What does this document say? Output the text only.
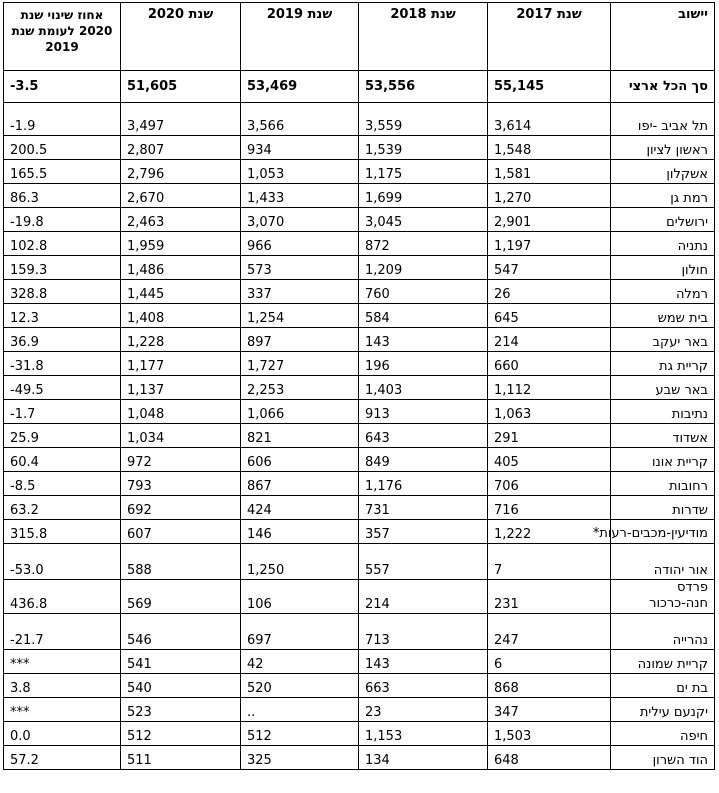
יישוב	שנת 2017	שנת 2018	שנת 2019	שנת 2020	אחוז שינוי שנת 2020 לעומת שנת 2019
סך הכל ארצי	55,145	53,556	53,469	51,605	-3.5
תל אביב -יפו	3,614	3,559	3,566	3,497	-1.9
ראשון לציון	1,548	1,539	934	2,807	200.5
אשקלון	1,581	1,175	1,053	2,796	165.5
רמת גן	1,270	1,699	1,433	2,670	86.3
ירושלים	2,901	3,045	3,070	2,463	-19.8
נתניה	1,197	872	966	1,959	102.8
חולון	547	1,209	573	1,486	159.3
רמלה	26	760	337	1,445	328.8
בית שמש	645	584	1,254	1,408	12.3
באר יעקב	214	143	897	1,228	36.9
קריית גת	660	196	1,727	1,177	-31.8
באר שבע	1,112	1,403	2,253	1,137	-49.5
נתיבות	1,063	913	1,066	1,048	-1.7
אשדוד	291	643	821	1,034	25.9
קריית אונו	405	849	606	972	60.4
רחובות	706	1,176	867	793	-8.5
שדרות	716	731	424	692	63.2
מודיעין-מכבים-רעות*	1,222	357	146	607	315.8
אור יהודה	7	557	1,250	588	-53.0
פרדס חנה-כרכור	231	214	106	569	436.8
נהרייה	247	713	697	546	-21.7
קריית שמונה	6	143	42	541	***
בת ים	868	663	520	540	3.8
יקנעם עילית	347	23	..	523	***
חיפה	1,503	1,153	512	512	0.0
הוד השרון	648	134	325	511	57.2
